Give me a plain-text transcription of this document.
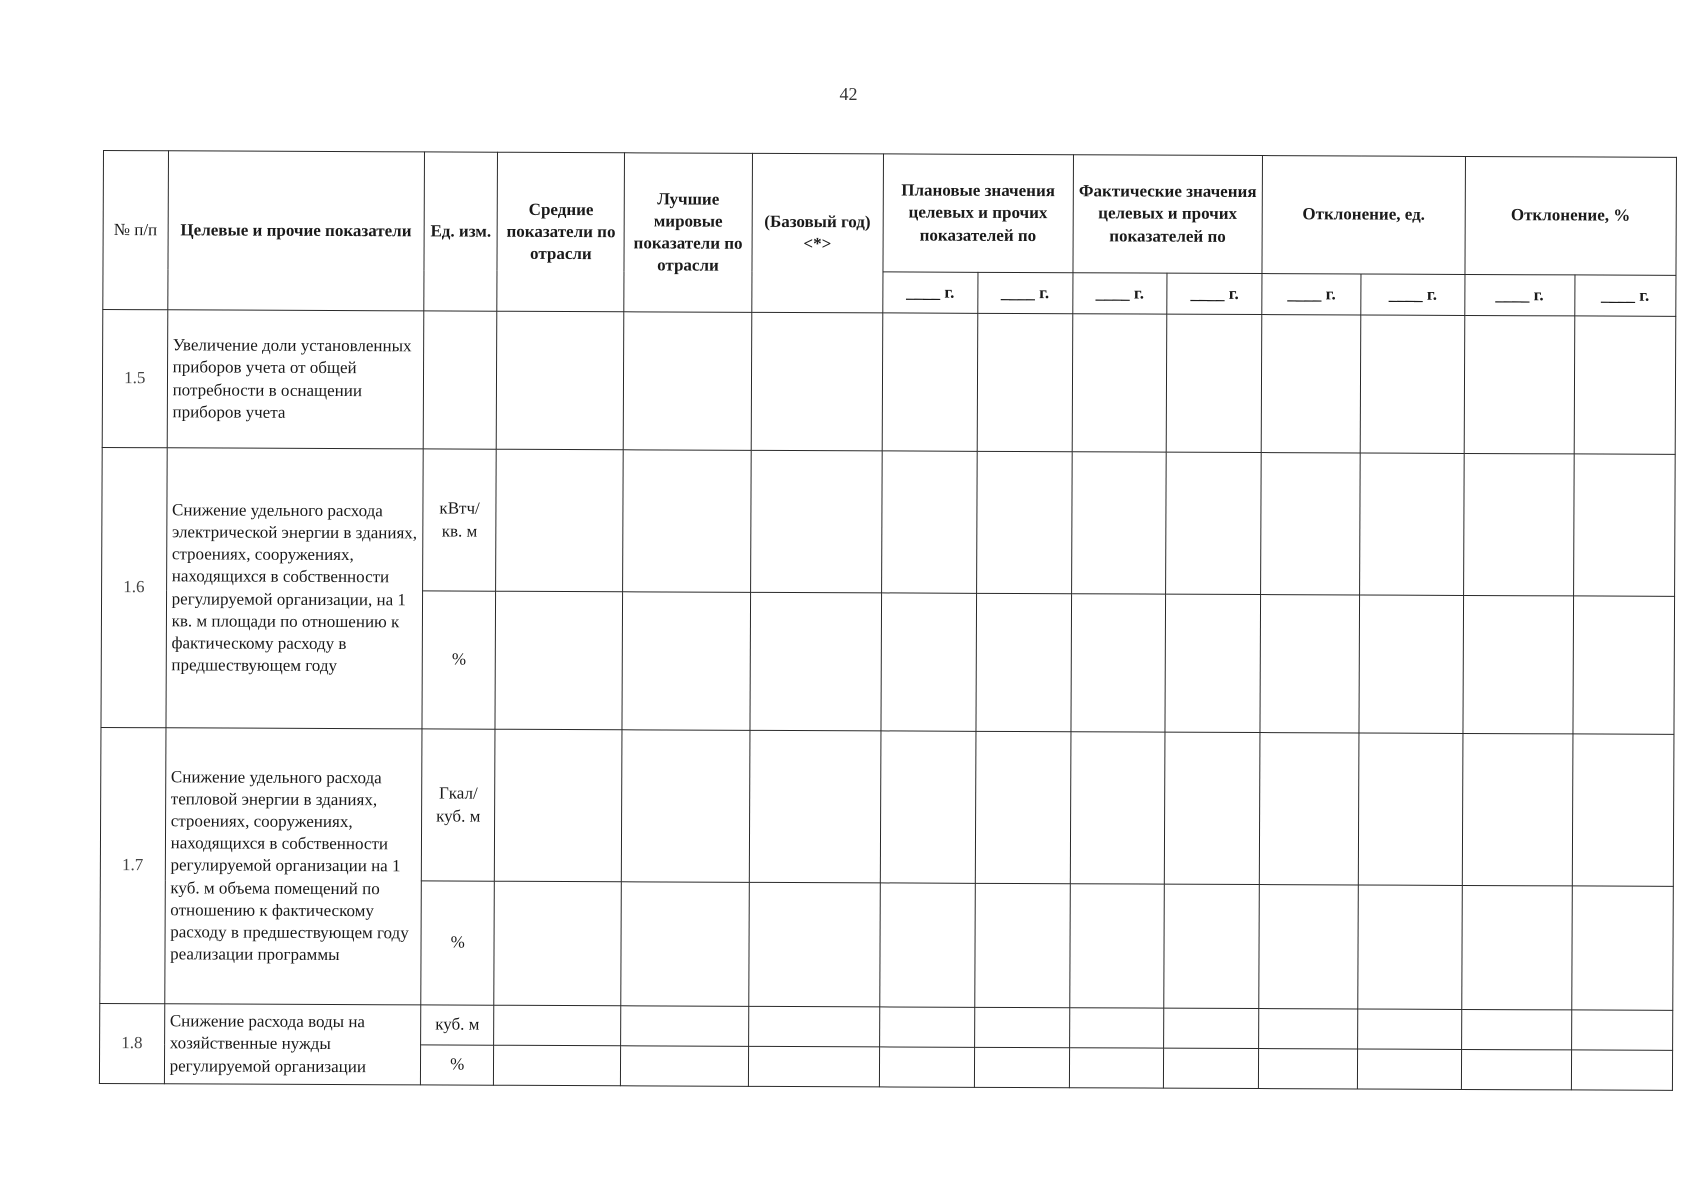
42
№ п/п	Целевые и прочие показатели	Ед. изм.	Средние показатели по отрасли	Лучшие мировые показатели по отрасли	(Базовый год) <*>	Плановые значения целевых и прочих показателей по		Фактические значения целевых и прочих показателей по		Отклонение, ед.		Отклонение, %	
						____ г.	____ г.	____ г.	____ г.	____ г.	____ г.	____ г.	____ г.
1.5	Увеличение доли установленных приборов учета от общей потребности в оснащении приборов учета												
1.6	Снижение удельного расхода электрической энергии в зданиях, строениях, сооружениях, находящихся в собственности регулируемой организации, на 1 кв. м площади по отношению к фактическому расходу в предшествующем году	кВтч/ кв. м											
		%											
1.7	Снижение удельного расхода тепловой энергии в зданиях, строениях, сооружениях, находящихся в собственности регулируемой организации на 1 куб. м объема помещений по отношению к фактическому расходу в предшествующем году реализации программы	Гкал/ куб. м											
		%											
1.8	Снижение расхода воды на хозяйственные нужды регулируемой организации	куб. м											
		%											
